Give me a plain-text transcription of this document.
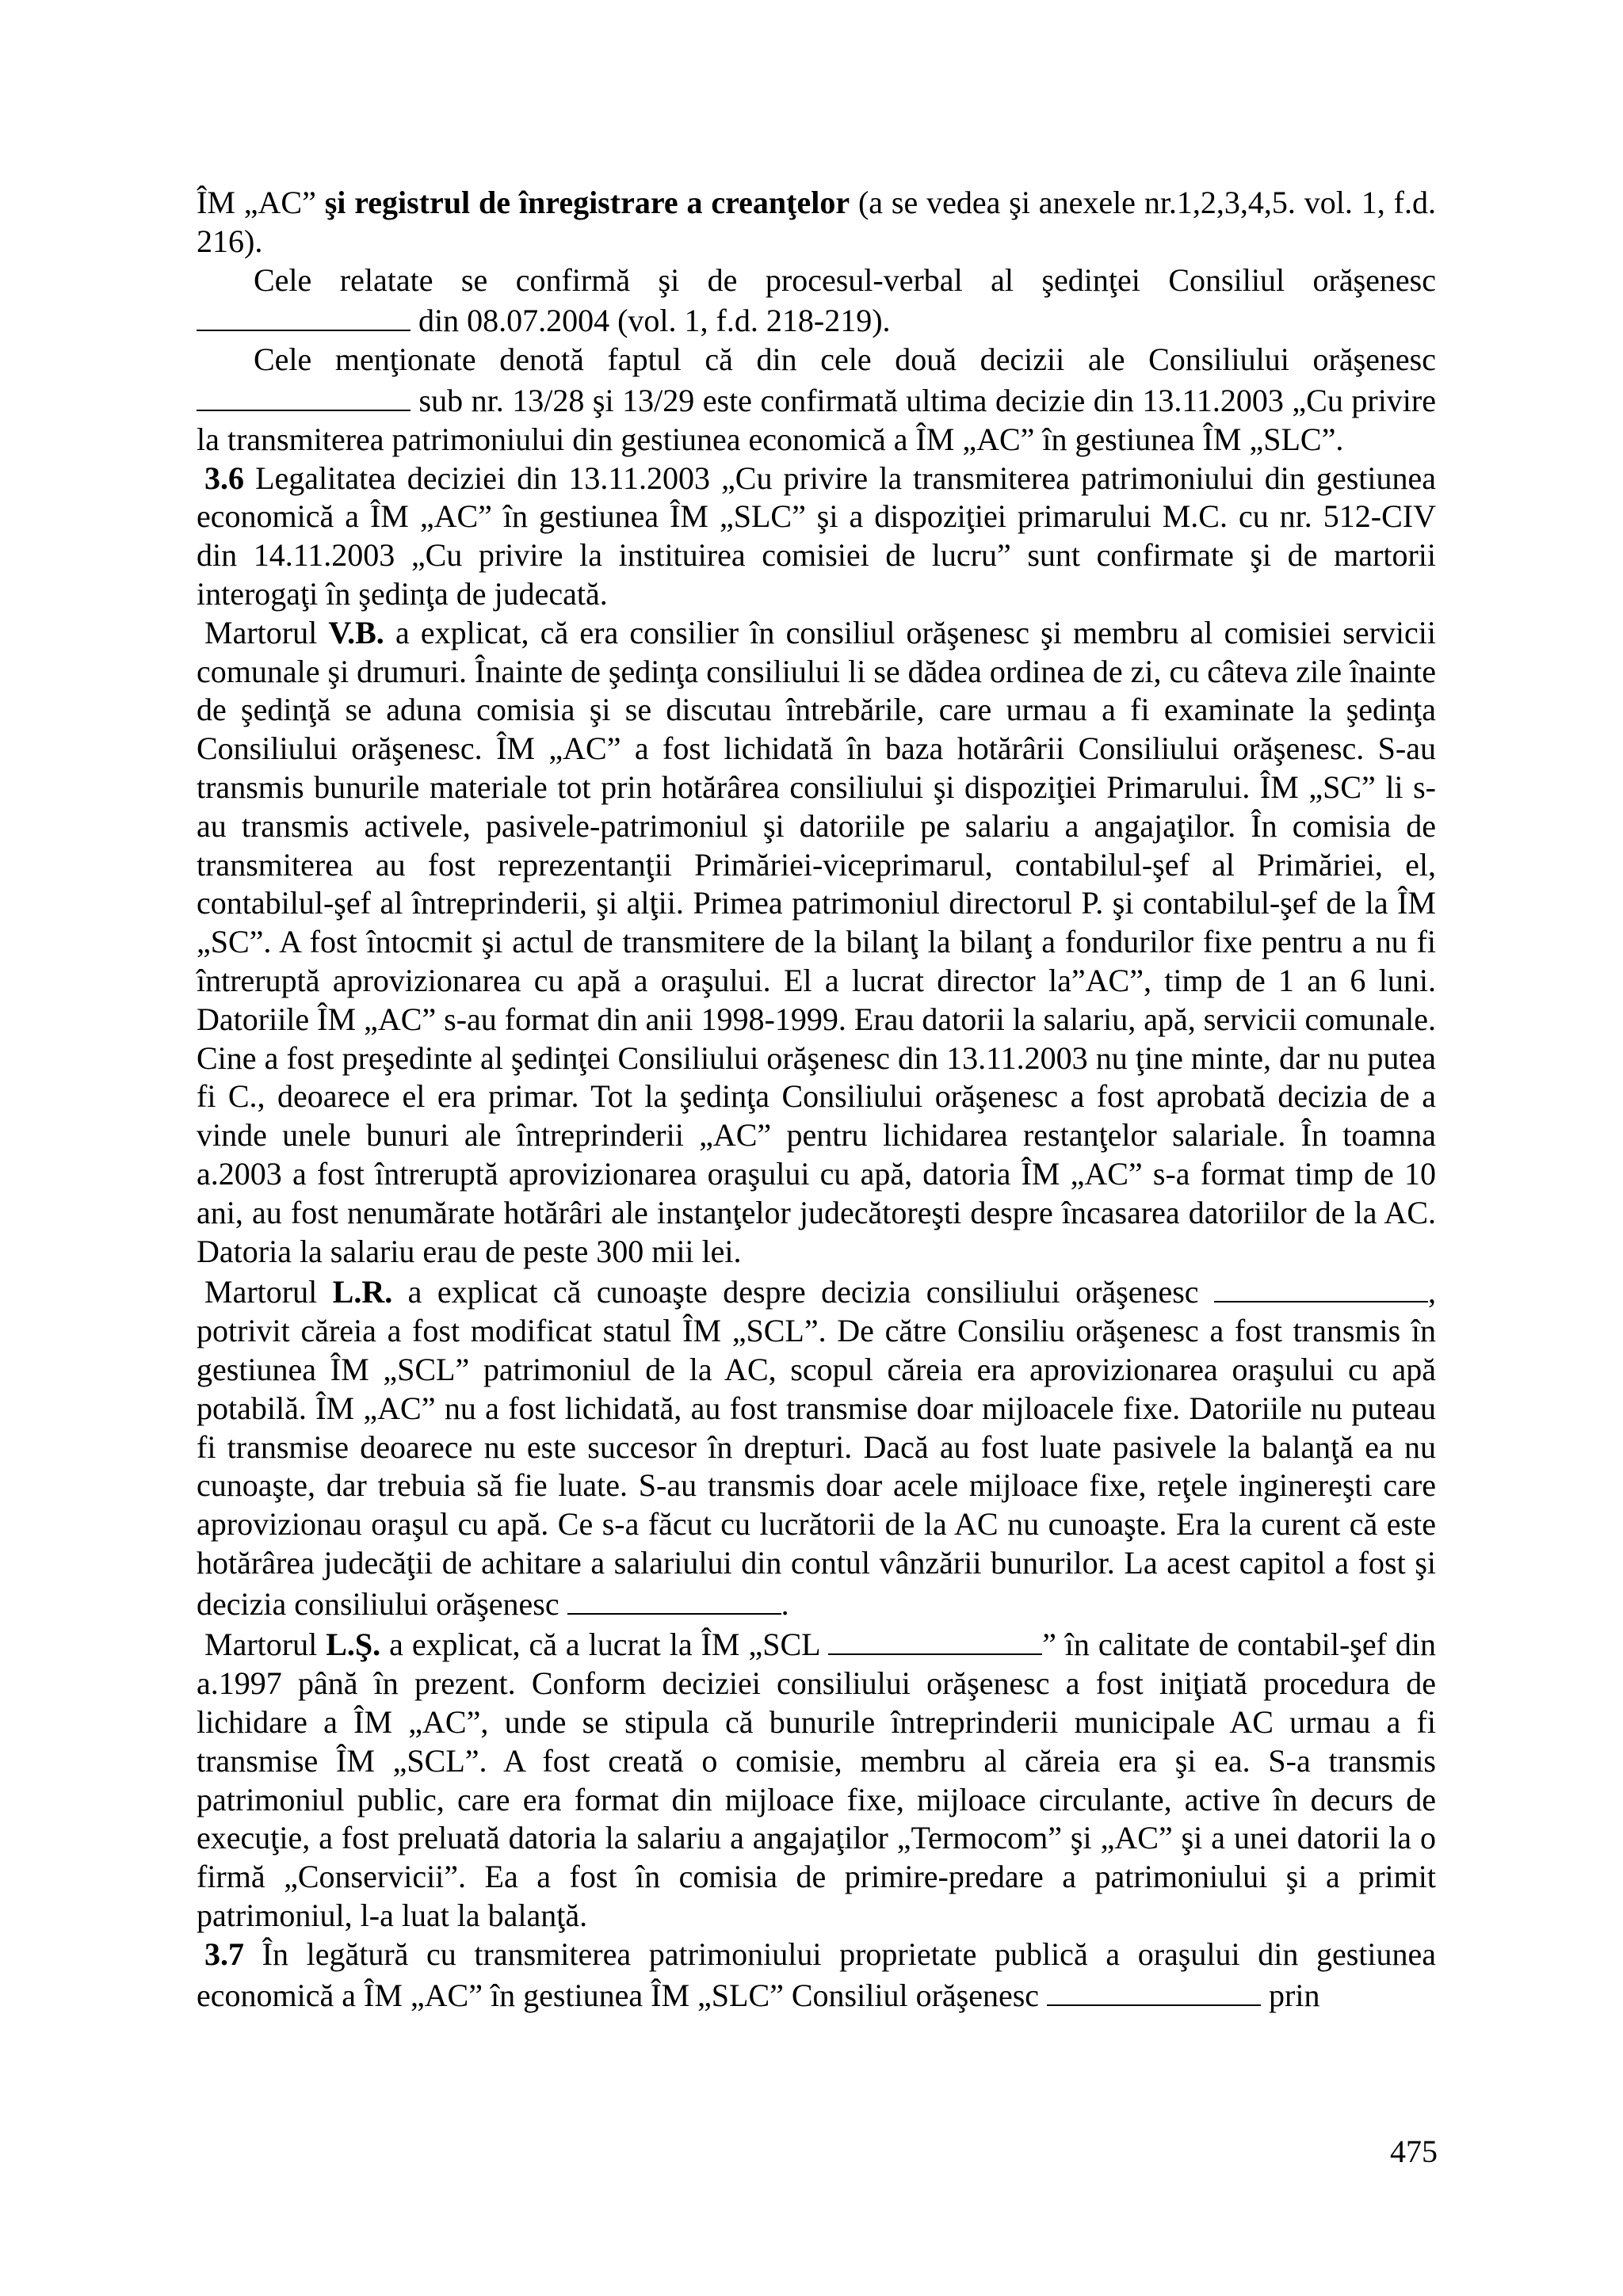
ÎM „AC” şi registrul de înregistrare a creanţelor (a se vedea şi anexele nr.1,2,3,4,5. vol. 1, f.d. 216).

Cele relatate se confirmă şi de procesul-verbal al şedinţei Consiliul orăşenesc  din 08.07.2004 (vol. 1, f.d. 218-219).

Cele menţionate denotă faptul că din cele două decizii ale Consiliului orăşenesc  sub nr. 13/28 şi 13/29 este confirmată ultima decizie din 13.11.2003 „Cu privire la transmiterea patrimoniului din gestiunea economică a ÎM „AC” în gestiunea ÎM „SLC”.

3.6 Legalitatea deciziei din 13.11.2003 „Cu privire la transmiterea patrimoniului din gestiunea economică a ÎM „AC” în gestiunea ÎM „SLC” şi a dispoziţiei primarului M.C. cu nr. 512-CIV din 14.11.2003 „Cu privire la instituirea comisiei de lucru” sunt confirmate şi de martorii interogaţi în şedinţa de judecată.

Martorul V.B. a explicat, că era consilier în consiliul orăşenesc şi membru al comisiei servicii comunale şi drumuri. Înainte de şedinţa consiliului li se dădea ordinea de zi, cu câteva zile înainte de şedinţă se aduna comisia şi se discutau întrebările, care urmau a fi examinate la şedinţa Consiliului orăşenesc. ÎM „AC” a fost lichidată în baza hotărârii Consiliului orăşenesc. S-au transmis bunurile materiale tot prin hotărârea consiliului şi dispoziţiei Primarului. ÎM „SC” li s-au transmis activele, pasivele-patrimoniul şi datoriile pe salariu a angajaţilor. În comisia de transmiterea au fost reprezentanţii Primăriei-viceprimarul, contabilul-şef al Primăriei, el, contabilul-şef al întreprinderii, şi alţii. Primea patrimoniul directorul P. şi contabilul-şef de la ÎM „SC”. A fost întocmit şi actul de transmitere de la bilanţ la bilanţ a fondurilor fixe pentru a nu fi întreruptă aprovizionarea cu apă a oraşului. El a lucrat director la”AC”, timp de 1 an 6 luni. Datoriile ÎM „AC” s-au format din anii 1998-1999. Erau datorii la salariu, apă, servicii comunale. Cine a fost preşedinte al şedinţei Consiliului orăşenesc din 13.11.2003 nu ţine minte, dar nu putea fi C., deoarece el era primar. Tot la şedinţa Consiliului orăşenesc a fost aprobată decizia de a vinde unele bunuri ale întreprinderii „AC” pentru lichidarea restanţelor salariale. În toamna a.2003 a fost întreruptă aprovizionarea oraşului cu apă, datoria ÎM „AC” s-a format timp de 10 ani, au fost nenumărate hotărâri ale instanţelor judecătoreşti despre încasarea datoriilor de la AC. Datoria la salariu erau de peste 300 mii lei.

Martorul L.R. a explicat că cunoaşte despre decizia consiliului orăşenesc	, potrivit căreia a fost modificat statul ÎM „SCL”. De către Consiliu orăşenesc a fost transmis în gestiunea ÎM „SCL” patrimoniul de la AC, scopul căreia era aprovizionarea oraşului cu apă potabilă. ÎM „AC” nu a fost lichidată, au fost transmise doar mijloacele fixe. Datoriile nu puteau fi transmise deoarece nu este succesor în drepturi. Dacă au fost luate pasivele la balanţă ea nu cunoaşte, dar trebuia să fie luate. S-au transmis doar acele mijloace fixe, reţele inginereşti care aprovizionau oraşul cu apă. Ce s-a făcut cu lucrătorii de la AC nu cunoaşte. Era la curent că este hotărârea judecăţii de achitare a salariului din contul vânzării bunurilor. La acest capitol a fost şi decizia consiliului orăşenesc	.

Martorul L.Ş. a explicat, că a lucrat la ÎM „SCL	” în calitate de contabil-şef din a.1997 până în prezent. Conform deciziei consiliului orăşenesc a fost iniţiată procedura de lichidare a ÎM „AC”, unde se stipula că bunurile întreprinderii municipale AC urmau a fi transmise ÎM „SCL”. A fost creată o comisie, membru al căreia era şi ea. S-a transmis patrimoniul public, care era format din mijloace fixe, mijloace circulante, active în decurs de execuţie, a fost preluată datoria la salariu a angajaţilor „Termocom” şi „AC” şi a unei datorii la o firmă „Conservicii”. Ea a fost în comisia de primire-predare a patrimoniului şi a primit patrimoniul, l-a luat la balanţă.

3.7 În legătură cu transmiterea patrimoniului proprietate publică a oraşului din gestiunea economică a ÎM „AC” în gestiunea ÎM „SLC” Consiliul orăşenesc	prin

475
